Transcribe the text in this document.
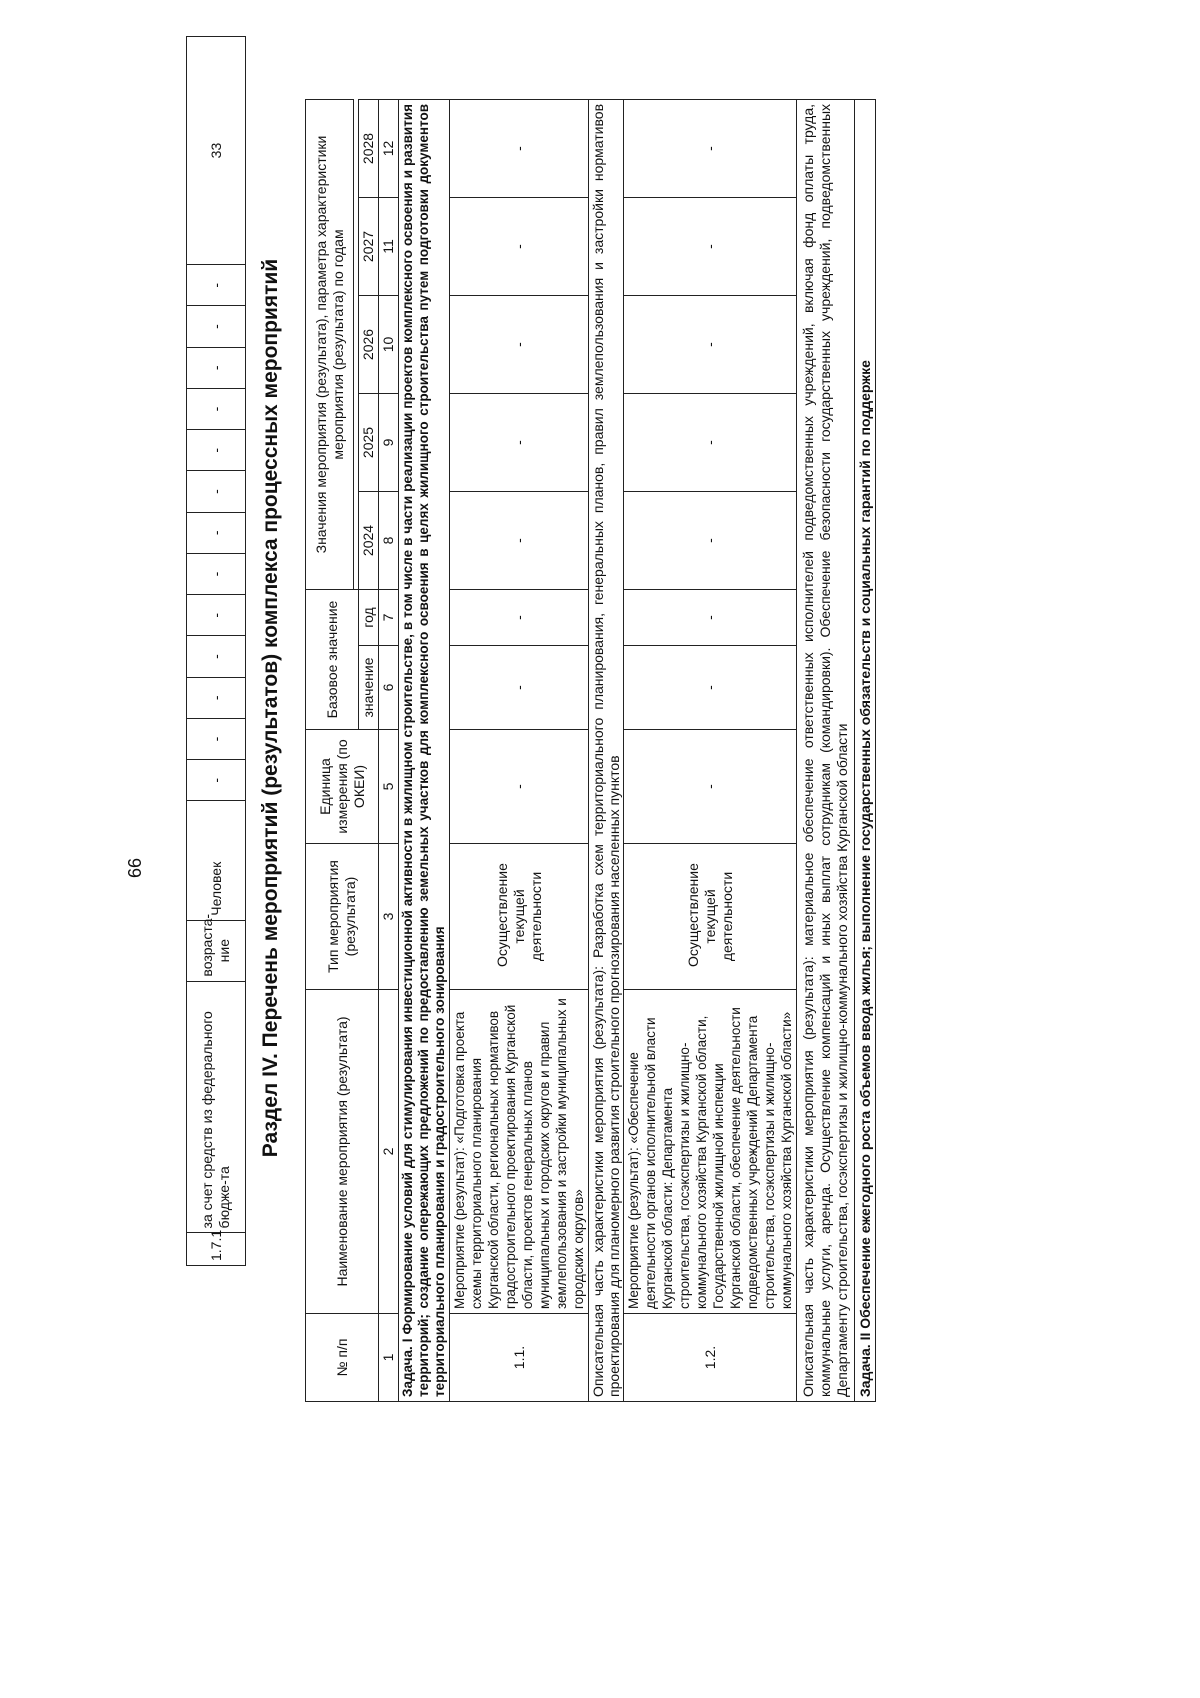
66
1.7.1	за счет средств из федерального бюдже-та	возраста-ние	Человек	-	-	-	-	-	-	-	-	-	-	-	-	-	33
Раздел IV. Перечень мероприятий (результатов) комплекса процессных мероприятий
№ п/п	Наименование мероприятия (результата)	Тип мероприятия (результата)	Единица измерения (по ОКЕИ)	Базовое значение		Значения мероприятия (результата), параметра характеристики мероприятия (результата) по годам				

				значение	год	2024	2025	2026	2027	2028
1	2	3	5	6	7	8	9	10	11	12
Задача. I Формирование условий для стимулирования инвестиционной активности в жилищном строительстве, в том числе в части реализации проектов комплексного освоения и развития территорий; создание опережающих предложений по предоставлению земельных участков для комплексного освоения в целях жилищного строительства путем подготовки документов территориального планирования и градостроительного зонирования										
1.1.	Мероприятие (результат): «Подготовка проекта схемы территориального планирования Курганской области, региональных нормативов градостроительного проектирования Курганской области, проектов генеральных планов муниципальных и городских округов и правил землепользования и застройки муниципальных и городских округов»	Осуществление текущей деятельности	-	-	-	-	-	-	-	-
Описательная часть характеристики мероприятия (результата): Разработка схем территориального планирования, генеральных планов, правил землепользования и застройки нормативов проектирования для планомерного развития строительного прогнозирования населенных пунктов										
1.2.	Мероприятие (результат): «Обеспечение деятельности органов исполнительной власти Курганской области: Департамента строительства, госэкспертизы и жилищно-коммунального хозяйства Курганской области, Государственной жилищной инспекции Курганской области, обеспечение деятельности подведомственных учреждений Департамента строительства, госэкспертизы и жилищно-коммунального хозяйства Курганской области»	Осуществление текущей деятельности	-	-	-	-	-	-	-	-
Описательная часть характеристики мероприятия (результата): материальное обеспечение ответственных исполнителей подведомственных учреждений, включая фонд оплаты труда, коммунальные услуги, аренда. Осуществление компенсаций и иных выплат сотрудникам (командировки). Обеспечение безопасности государственных учреждений, подведомственных Департаменту строительства, госэкспертизы и жилищно-коммунального хозяйства Курганской области										
Задача. II Обеспечение ежегодного роста объемов ввода жилья; выполнение государственных обязательств и социальных гарантий по поддержке										
